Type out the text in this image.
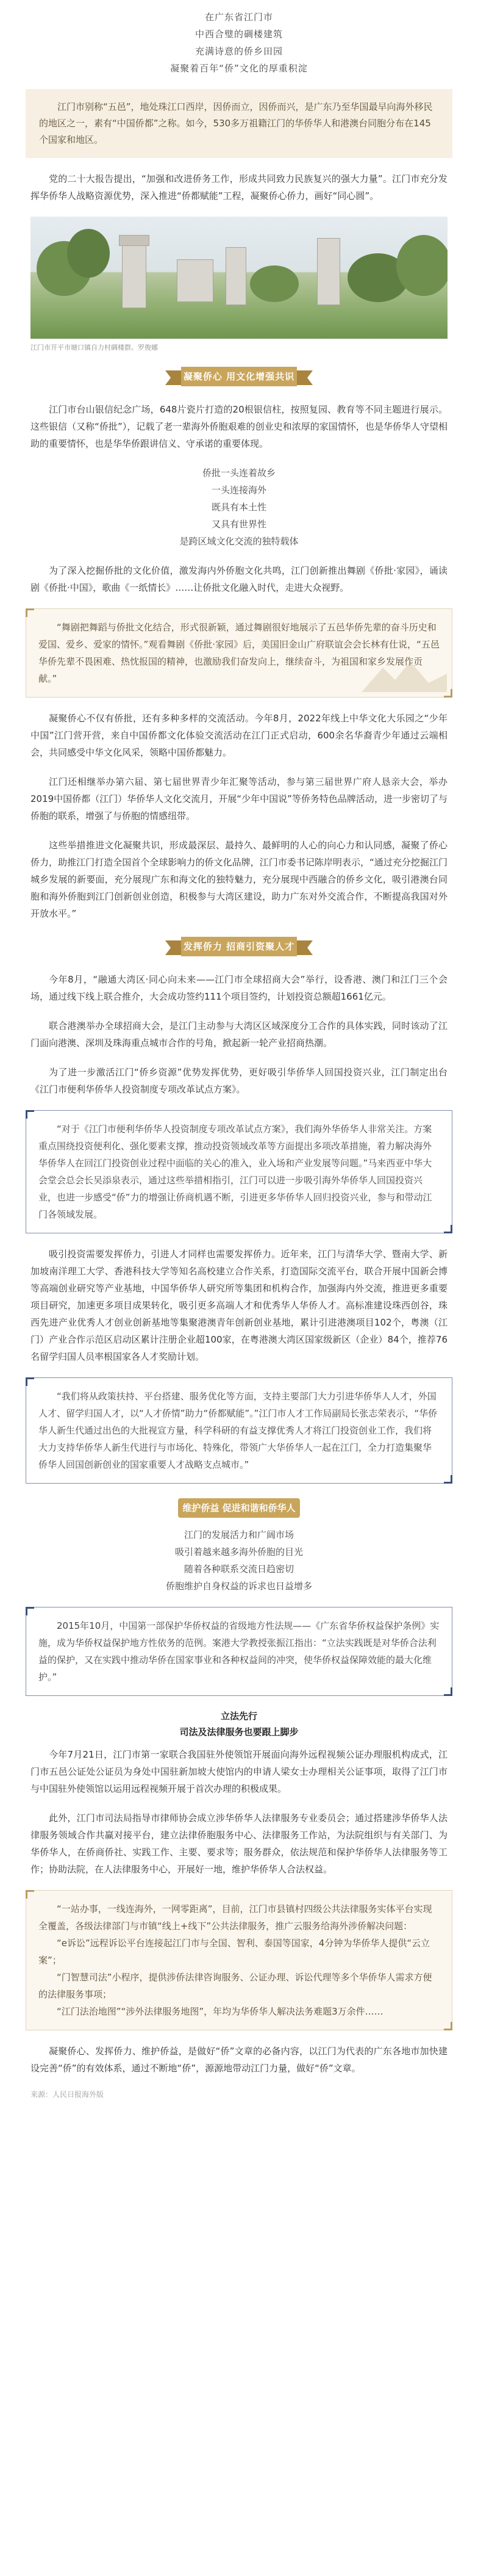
在广东省江门市
中西合璧的碉楼建筑
充满诗意的侨乡田园
凝聚着百年“侨”文化的厚重积淀
江门市别称“五邑”，地处珠江口西岸，因侨而立，因侨而兴，是广东乃至华国最早向海外移民的地区之一，素有“中国侨都”之称。如今，530多万祖籍江门的华侨华人和港澳台同胞分布在145个国家和地区。

党的二十大报告提出，“加强和改进侨务工作，形成共同致力民族复兴的强大力量”。江门市充分发挥华侨华人战略资源优势，深入推进“侨都赋能”工程，凝聚侨心侨力，画好“同心圆”。

江门市开平市塘口镇自力村碉楼群。罗俊娜
凝聚侨心 用文化增强共识

江门市台山银信纪念广场，648片瓷片打造的20根银信柱，按照复园、教育等不同主题进行展示。这些银信（又称“侨批”），记载了老一辈海外侨胞艰难的创业史和浓厚的家国情怀，也是华侨华人守望相助的重要情怀，也是华华侨跟讲信义、守承诺的重要体现。

侨批一头连着故乡
一头连接海外
既具有本土性
又具有世界性
是跨区域文化交流的独特载体

为了深入挖掘侨批的文化价值，激发海内外侨胞文化共鸣，江门创新推出舞剧《侨批·家园》，诵读剧《侨批·中国》，歌曲《一纸情长》……让侨批文化融入时代，走进大众视野。

“舞剧把舞蹈与侨批文化结合，形式很新颖，通过舞剧很好地展示了五邑华侨先辈的奋斗历史和爱国、爱乡、爱家的情怀。”观看舞剧《侨批·家园》后，美国旧金山广府联谊会会长林有仕说，“五邑华侨先辈不畏困难、热忱报国的精神，也激励我们奋发向上，继续奋斗，为祖国和家乡发展作贡献。”

凝聚侨心不仅有侨批，还有多种多样的交流活动。今年8月，2022年线上中华文化大乐园之“少年中国”江门营开营，来自中国侨都文化体验交流活动在江门正式启动，600余名华裔青少年通过云端相会，共同感受中华文化风采，领略中国侨都魅力。

江门还相继举办第六届、第七届世界青少年汇聚等活动，参与第三届世界广府人恳亲大会，举办2019中国侨都（江门）华侨华人文化交流月，开展“少年中国说”等侨务特色品牌活动，进一步密切了与侨胞的联系，增强了与侨胞的情感纽带。

这些举措推进文化凝聚共识，形成最深层、最持久、最鲜明的人心的向心力和认同感，凝聚了侨心侨力，助推江门打造全国首个全球影响力的侨文化品牌，江门市委书记陈岸明表示，“通过充分挖掘江门城乡发展的新要面，充分展现广东和海文化的独特魅力，充分展现中西融合的侨乡文化，吸引港澳台同胞和海外侨胞到江门创新创业创造，积极参与大湾区建设，助力广东对外交流合作，不断提高我国对外开放水平。”

发挥侨力 招商引资聚人才

今年8月，“融通大湾区·同心向未来——江门市全球招商大会”举行，设香港、澳门和江门三个会场，通过线下线上联合推介，大会成功签约111个项目签约，计划投资总额超1661亿元。

联合港澳举办全球招商大会，是江门主动参与大湾区区域深度分工合作的具体实践，同时该动了江门面向港澳、深圳及珠海重点城市合作的号角，掀起新一轮产业招商热潮。

为了进一步激活江门“侨乡资源”优势发挥优势，更好吸引华侨华人回国投资兴业，江门制定出台《江门市便利华侨华人投资制度专项改革试点方案》。

“对于《江门市便利华侨华人投资制度专项改革试点方案》，我们海外华侨华人非常关注。方案重点围绕投资便利化、强化要素支撑，推动投资领域改革等方面提出多项改革措施，着力解决海外华侨华人在回江门投资创业过程中面临的关心的准入，业入场和产业发展等问题。”马来西亚中华大会堂会总会长吴添泉表示，通过这些举措相指引，江门可以进一步吸引海外华侨华人回国投资兴业，也进一步感受“侨”力的增强让侨商机遇不断，引进更多华侨华人回归投资兴业，参与和带动江门各领域发展。

吸引投资需要发挥侨力，引进人才同样也需要发挥侨力。近年来，江门与清华大学、暨南大学、新加坡南洋理工大学、香港科技大学等知名高校建立合作关系，打造国际交流平台，联合开展中国新会博等高端创业研究等产业基地，中国华侨华人研究所等集团和机构合作，加强海内外交流，推进更多重要项目研究，加速更多项目成果转化，吸引更多高端人才和优秀华人华侨人才。高标准建设珠西创谷，珠西先进产业优秀人才创业创新基地等集聚港澳青年创新创业基地，累计引进港澳项目102个，粤澳（江门）产业合作示范区启动区累计注册企业超100家，在粤港澳大湾区国家级新区（企业）84个，推荐76名留学归国人员率根国家各人才奖励计划。

“我们将从政策扶持、平台搭建、服务优化等方面，支持主要部门大力引进华侨华人人才，外国人才、留学归国人才，以“人才侨情”助力“侨都赋能”。”江门市人才工作局副局长张志荣表示，“华侨华人新生代通过出色的大批视宣方量，科学科研的有益支撑优秀人才将江门投资创业工作，我们将大力支持华侨华人新生代进行与市场化、特殊化，带领广大华侨华人一起在江门，全力打造集聚华侨华人回国创新创业的国家重要人才战略支点城市。”

维护侨益 促进和谐和侨华人
江门的发展活力和广阔市场
吸引着越来越多海外侨胞的目光
随着各种联系交流日趋密切
侨胞维护自身权益的诉求也日益增多

2015年10月，中国第一部保护华侨权益的省级地方性法规——《广东省华侨权益保护条例》实施，成为华侨权益保护地方性依务的范例。案港大学教授张振江指出：“立法实践既是对华侨合法利益的保护，又在实践中推动华侨在国家事业和各种权益间的冲突，使华侨权益保障效能的最大化维护。”

立法先行
司法及法律服务也要跟上脚步

今年7月21日，江门市第一家联合我国驻外使领馆开展面向海外远程视频公证办理服机构成式，江门市五邑公证处公证员为身处中国驻新加坡大使馆内的申请人梁女士办理相关公证事项，取得了江门市与中国驻外使领馆以运用远程视频开展于首次办理的积极成果。

此外，江门市司法局指导市律师协会成立涉华侨华人法律服务专业委员会；通过搭建涉华侨华人法律服务领域合作共赢对接平台，建立法律侨胞服务中心、法律服务工作站，为法院组织与有关部门、为华侨华人，在侨商侨社、实践工作、主要、要求等；服务群众，依法规范和保护华侨华人法律服务等工作；协助法院，在人法律服务中心，开展好一地，维护华侨华人合法权益。

“一站办事，一线连海外，一网零距离”，目前，江门市县镇村四级公共法律服务实体平台实现全覆盖，各级法律部门与市镇“线上+线下”公共法律服务，推广云服务给海外涉侨解决问题：

“e诉讼”远程诉讼平台连接起江门市与全国、智利、泰国等国家，4分钟为华侨华人提供“云立案”；

“门智慧司法”小程序，提供涉侨法律咨询服务、公证办理、诉讼代理等多个华侨华人需求方便的法律服务事项；

“江门法治地图”“涉外法律服务地图”，年均为华侨华人解决法务难题3万余件……

凝聚侨心、发挥侨力、维护侨益，是做好“侨”文章的必备内容，以江门为代表的广东各地市加快建设完善“侨”的有效体系，通过不断地“侨”，源源地带动江门力量，做好“侨”文章。

来源：人民日报海外版
